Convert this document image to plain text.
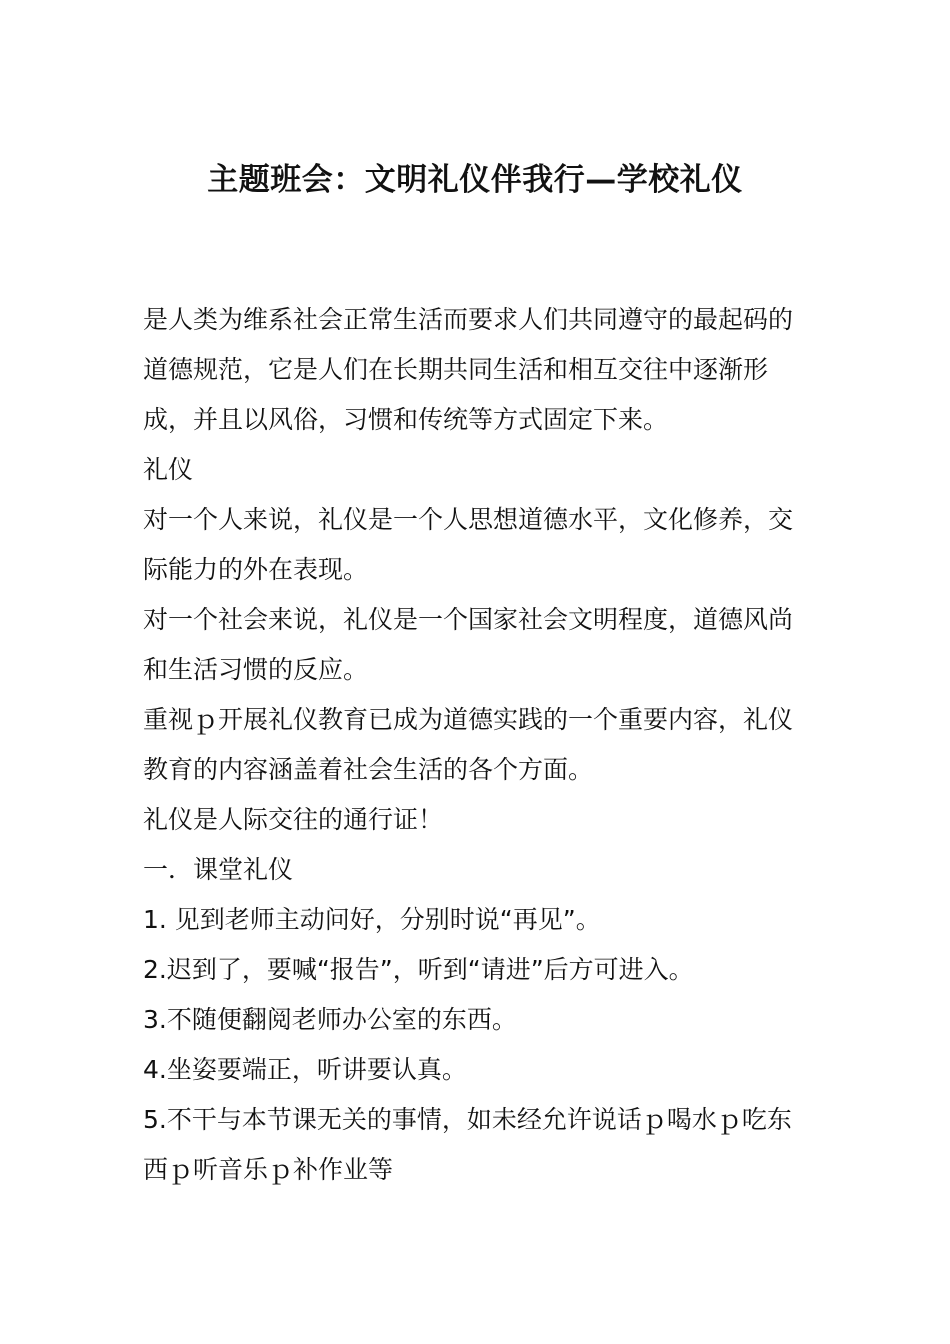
主题班会：文明礼仪伴我行—学校礼仪

是人类为维系社会正常生活而要求人们共同遵守的最起码的道德规范，它是人们在长期共同生活和相互交往中逐渐形成，并且以风俗，习惯和传统等方式固定下来。

礼仪

对一个人来说，礼仪是一个人思想道德水平，文化修养，交际能力的外在表现。

对一个社会来说，礼仪是一个国家社会文明程度，道德风尚和生活习惯的反应。

重视ｐ开展礼仪教育已成为道德实践的一个重要内容，礼仪教育的内容涵盖着社会生活的各个方面。

礼仪是人际交往的通行证！

一．课堂礼仪

1. 见到老师主动问好，分别时说“再见”。

2.迟到了，要喊“报告”，听到“请进”后方可进入。

3.不随便翻阅老师办公室的东西。

4.坐姿要端正，听讲要认真。

5.不干与本节课无关的事情，如未经允许说话ｐ喝水ｐ吃东西ｐ听音乐ｐ补作业等
